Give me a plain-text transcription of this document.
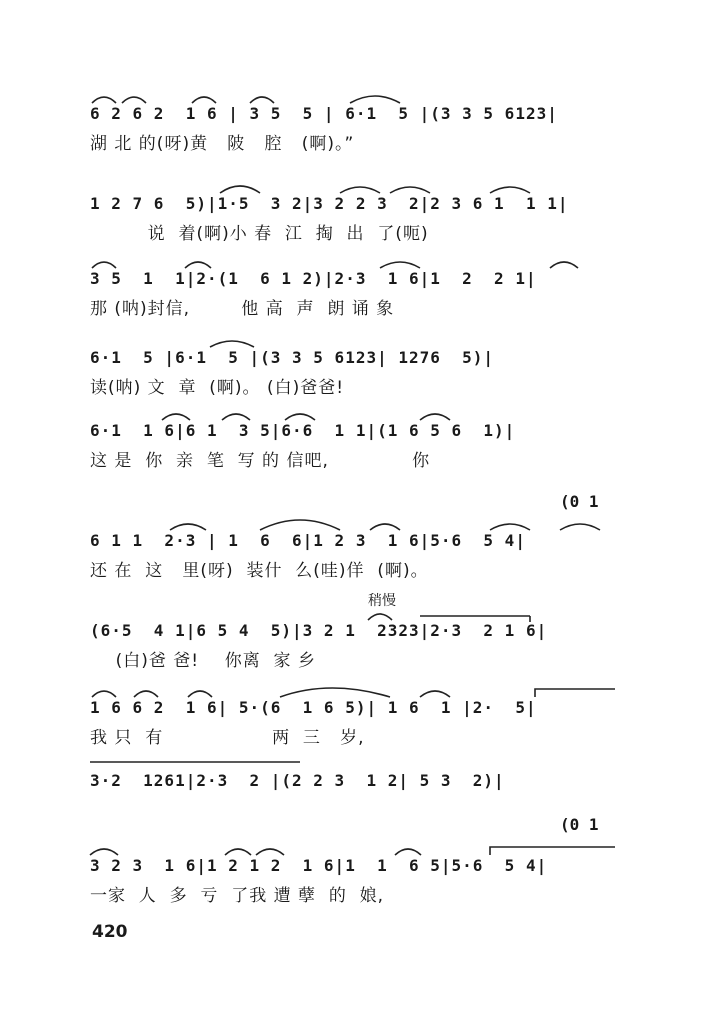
6 2 6 2  1 6 | 3 5  5 | 6·1  5 |(3 3 5 6123|
湖 北 的(呀)黄   陂   腔   (啊)。”
1 2 7 6  5)|1·5  3 2|3 2 2 3  2|2 3 6 1  1 1|
说  着(啊)小 春  江  掏  出  了(呃)
3 5  1  1|2·(1  6 1 2)|2·3  1 6|1  2  2 1|
那 (呐)封信,        他 高  声  朗 诵 象
6·1  5 |6·1  5 |(3 3 5 6123| 1276  5)|
读(呐) 文  章  (啊)。 (白)爸爸!
6·1  1 6|6 1  3 5|6·6  1 1|(1 6 5 6  1)|
这 是  你  亲  笔  写 的 信吧,             你
(0 1
6 1 1  2·3 | 1  6  6|1 2 3  1 6|5·6  5 4|
还 在  这   里(呀)  装什  么(哇)佯  (啊)。
稍慢
(6·5  4 1|6 5 4  5)|3 2 1  2323|2·3  2 1 6|
(白)爸 爸!    你离  家 乡
1 6 6 2  1 6| 5·(6  1 6 5)| 1 6  1 |2·  5|
我 只  有                 两  三   岁,
3·2  1261|2·3  2 |(2 2 3  1 2| 5 3  2)|
(0 1
3 2 3  1 6|1 2 1 2  1 6|1  1  6 5|5·6  5 4|
一家  人  多  亏  了我 遭 孽  的  娘,
420
